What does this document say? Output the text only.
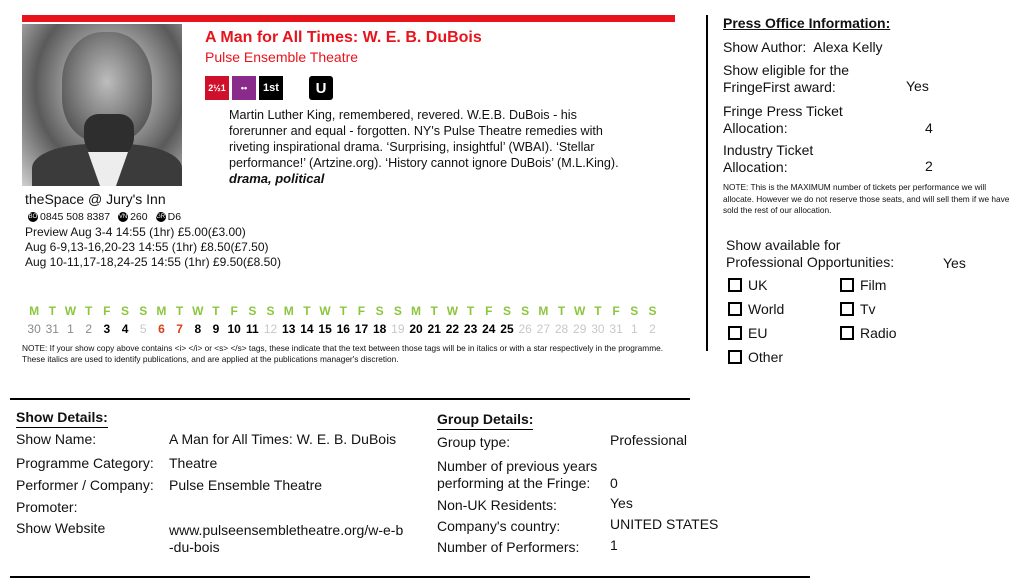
A Man for All Times: W. E. B. DuBois
Pulse Ensemble Theatre
2½1	••	1st	U
Martin Luther King, remembered, revered. W.E.B. DuBois - his forerunner and equal - forgotten. NY's Pulse Theatre remedies with riveting inspirational drama. ‘Surprising, insightful’ (WBAI). ‘Stellar performance!’ (Artzine.org). ‘History cannot ignore DuBois’ (M.L.King).
drama, political
theSpace @ Jury's Inn
BO 0845 508 8387 VN 260 GR D6
Preview Aug 3-4 14:55 (1hr) £5.00(£3.00)
Aug 6-9,13-16,20-23 14:55 (1hr) £8.50(£7.50)
Aug 10-11,17-18,24-25 14:55 (1hr) £9.50(£8.50)
M T W T F S S M T W T F S S M T W T F S S M T W T F S S M T W T F S S
30 31 1 2 3 4 5 6 7 8 9 10 11 12 13 14 15 16 17 18 19 20 21 22 23 24 25 26 27 28 29 30 31 1 2
NOTE: If your show copy above contains <i> </i> or <s> </s> tags, these indicate that the text between those tags will be in italics or with a star respectively in the programme. These italics are used to identify publications, and are applied at the publications manager's discretion.
Press Office Information:
Show Author: Alexa Kelly
Show eligible for the
FringeFirst award:	Yes
Fringe Press Ticket
Allocation:	4
Industry Ticket
Allocation:	2
NOTE: This is the MAXIMUM number of tickets per performance we will allocate. However we do not reserve those seats, and will sell them if we have sold the rest of our allocation.
Show available for
Professional Opportunities:	Yes
UK	Film
World	Tv
EU	Radio
Other
Show Details:
Show Name:	A Man for All Times: W. E. B. DuBois
Programme Category: Theatre
Performer / Company: Pulse Ensemble Theatre
Promoter:
Show Website	www.pulseensembletheatre.org/w-e-b
-du-bois
Group Details:
Group type:	Professional
Number of previous years
performing at the Fringe:	0
Non-UK Residents:	Yes
Company's country:	UNITED STATES
Number of Performers: 1
